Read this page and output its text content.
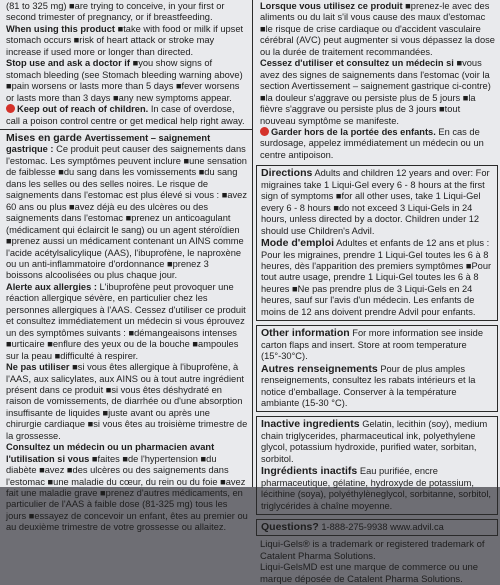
(81 to 325 mg) ■are trying to conceive, in your first or second trimester of pregnancy, or if breastfeeding.

When using this product ■take with food or milk if upset stomach occurs ■risk of heart attack or stroke may increase if used more or longer than directed.

Stop use and ask a doctor if ■you show signs of stomach bleeding (see Stomach bleeding warning above) ■pain worsens or lasts more than 5 days ■fever worsens or lasts more than 3 days ■any new symptoms appear.

Keep out of reach of children. In case of overdose, call a poison control centre or get medical help right away.

Mises en garde Avertissement – saignement gastrique : Ce produit peut causer des saignements dans l'estomac. Les symptômes peuvent inclure ■une sensation de faiblesse ■du sang dans les vomissements ■du sang dans les selles ou des selles noires. Le risque de saignements dans l'estomac est plus élevé si vous : ■avez 60 ans ou plus ■avez déjà eu des ulcères ou des saignements dans l'estomac ■prenez un anticoagulant (médicament qui éclaircit le sang) ou un agent stéroïdien ■prenez aussi un médicament contenant un AINS comme l'acide acétylsalicylique (AAS), l'ibuprofène, le naproxène ou un anti-inflammatoire d'ordonnance ■prenez 3 boissons alcoolisées ou plus chaque jour.

Alerte aux allergies : L'ibuprofène peut provoquer une réaction allergique sévère, en particulier chez les personnes allergiques à l'AAS. Cessez d'utiliser ce produit et consultez immédiatement un médecin si vous éprouvez un des symptômes suivants : ■démangeaisons intenses ■urticaire ■enflure des yeux ou de la bouche ■ampoules sur la peau ■difficulté à respirer.

Ne pas utiliser ■si vous êtes allergique à l'ibuprofène, à l'AAS, aux salicylates, aux AINS ou à tout autre ingrédient présent dans ce produit ■si vous êtes déshydraté en raison de vomissements, de diarrhée ou d'une absorption insuffisante de liquides ■juste avant ou après une chirurgie cardiaque ■si vous êtes au troisième trimestre de la grossesse.

Consultez un médecin ou un pharmacien avant l'utilisation si vous ■faites ■de l'hypertension ■du diabète ■avez ■des ulcères ou des saignements dans l'estomac ■une maladie du cœur, du rein ou du foie ■avez fait une maladie grave ■prenez d'autres médicaments, en particulier de l'AAS à faible dose (81-325 mg) tous les jours ■essayez de concevoir un enfant, êtes au premier ou au deuxième trimestre de votre grossesse ou allaitez.

Lorsque vous utilisez ce produit ■prenez-le avec des aliments ou du lait s'il vous cause des maux d'estomac ■le risque de crise cardiaque ou d'accident vasculaire cérébral (AVC) peut augmenter si vous dépassez la dose ou la durée de traitement recommandées.

Cessez d'utiliser et consultez un médecin si ■vous avez des signes de saignements dans l'estomac (voir la section Avertissement – saignement gastrique ci-contre) ■la douleur s'aggrave ou persiste plus de 5 jours ■la fièvre s'aggrave ou persiste plus de 3 jours ■tout nouveau symptôme se manifeste.

Garder hors de la portée des enfants. En cas de surdosage, appelez immédiatement un médecin ou un centre antipoison.

Directions Adults and children 12 years and over: For migraines take 1 Liqui-Gel every 6 - 8 hours at the first sign of symptoms ■for all other uses, take 1 Liqui-Gel every 6 - 8 hours ■do not exceed 3 Liqui-Gels in 24 hours, unless directed by a doctor. Children under 12 should use Children's Advil.

Mode d'emploi Adultes et enfants de 12 ans et plus : Pour les migraines, prendre 1 Liqui-Gel toutes les 6 à 8 heures, dès l'apparition des premiers symptômes ■Pour tout autre usage, prendre 1 Liqui-Gel toutes les 6 à 8 heures ■Ne pas prendre plus de 3 Liqui-Gels en 24 heures, sauf sur l'avis d'un médecin. Les enfants de moins de 12 ans doivent prendre Advil pour enfants.

Other information For more information see inside carton flaps and insert. Store at room temperature (15°-30°C).

Autres renseignements Pour de plus amples renseignements, consultez les rabats intérieurs et la notice d'emballage. Conserver à la température ambiante (15-30 °C).

Inactive ingredients Gelatin, lecithin (soy), medium chain triglycerides, pharmaceutical ink, polyethylene glycol, potassium hydroxide, purified water, sorbitan, sorbitol.

Ingrédients inactifs Eau purifiée, encre pharmaceutique, gélatine, hydroxyde de potassium, lécithine (soya), polyéthylèneglycol, sorbitanne, sorbitol, triglycérides à chaîne moyenne.

Questions? 1-888-275-9938 www.advil.ca

Liqui-Gels® is a trademark or registered trademark of Catalent Pharma Solutions.

Liqui-GelsMD est une marque de commerce ou une marque déposée de Catalent Pharma Solutions.
